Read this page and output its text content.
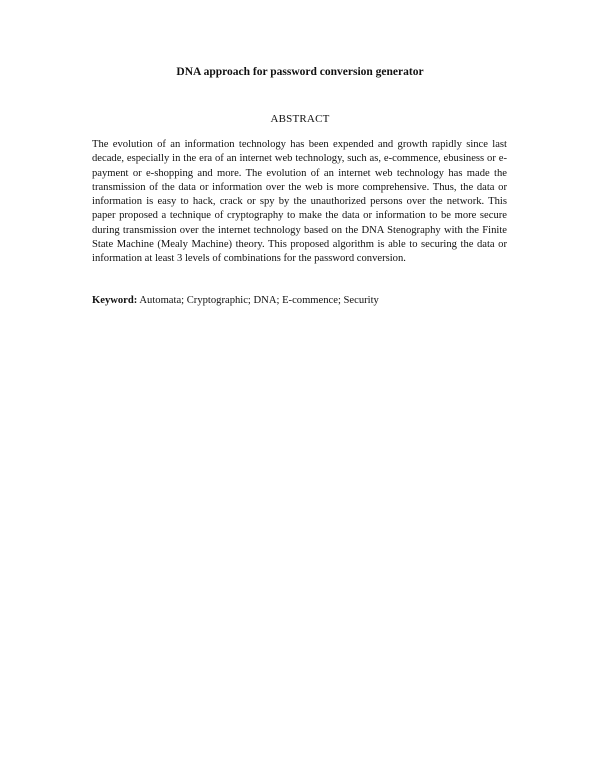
DNA approach for password conversion generator
ABSTRACT

The evolution of an information technology has been expended and growth rapidly since last decade, especially in the era of an internet web technology, such as, e-commence, ebusiness or e-payment or e-shopping and more. The evolution of an internet web technology has made the transmission of the data or information over the web is more comprehensive. Thus, the data or information is easy to hack, crack or spy by the unauthorized persons over the network. This paper proposed a technique of cryptography to make the data or information to be more secure during transmission over the internet technology based on the DNA Stenography with the Finite State Machine (Mealy Machine) theory. This proposed algorithm is able to securing the data or information at least 3 levels of combinations for the password conversion.

Keyword: Automata; Cryptographic; DNA; E-commence; Security
